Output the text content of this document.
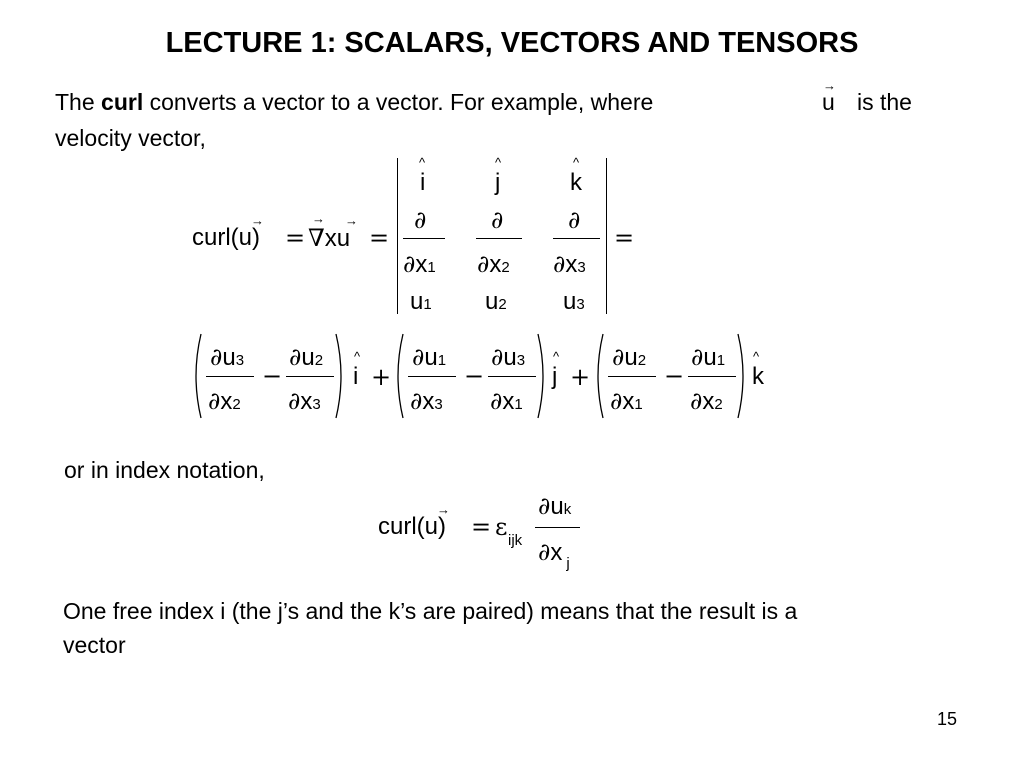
LECTURE 1: SCALARS, VECTORS AND TENSORS
The curl converts a vector to a vector. For example, where	u
→
is the
velocity vector,
curl(u)
→
= ∇xu
→ →
=
i
^
j
^
k
^
∂
∂x1
∂
∂x2
∂
∂x3
u1 u2 u3
=
∂u3
∂x2
−
∂u2
∂x3
i
^
+
∂u1
∂x3
−
∂u3
∂x1
j
^
+
∂u2
∂x1
−
∂u1
∂x2
k
^
or in index notation,
curl(u)
→
= ε ijk
∂uk
∂x $_j$
One free index i (the j’s and the k’s are paired) means that the result is a
vector
15
